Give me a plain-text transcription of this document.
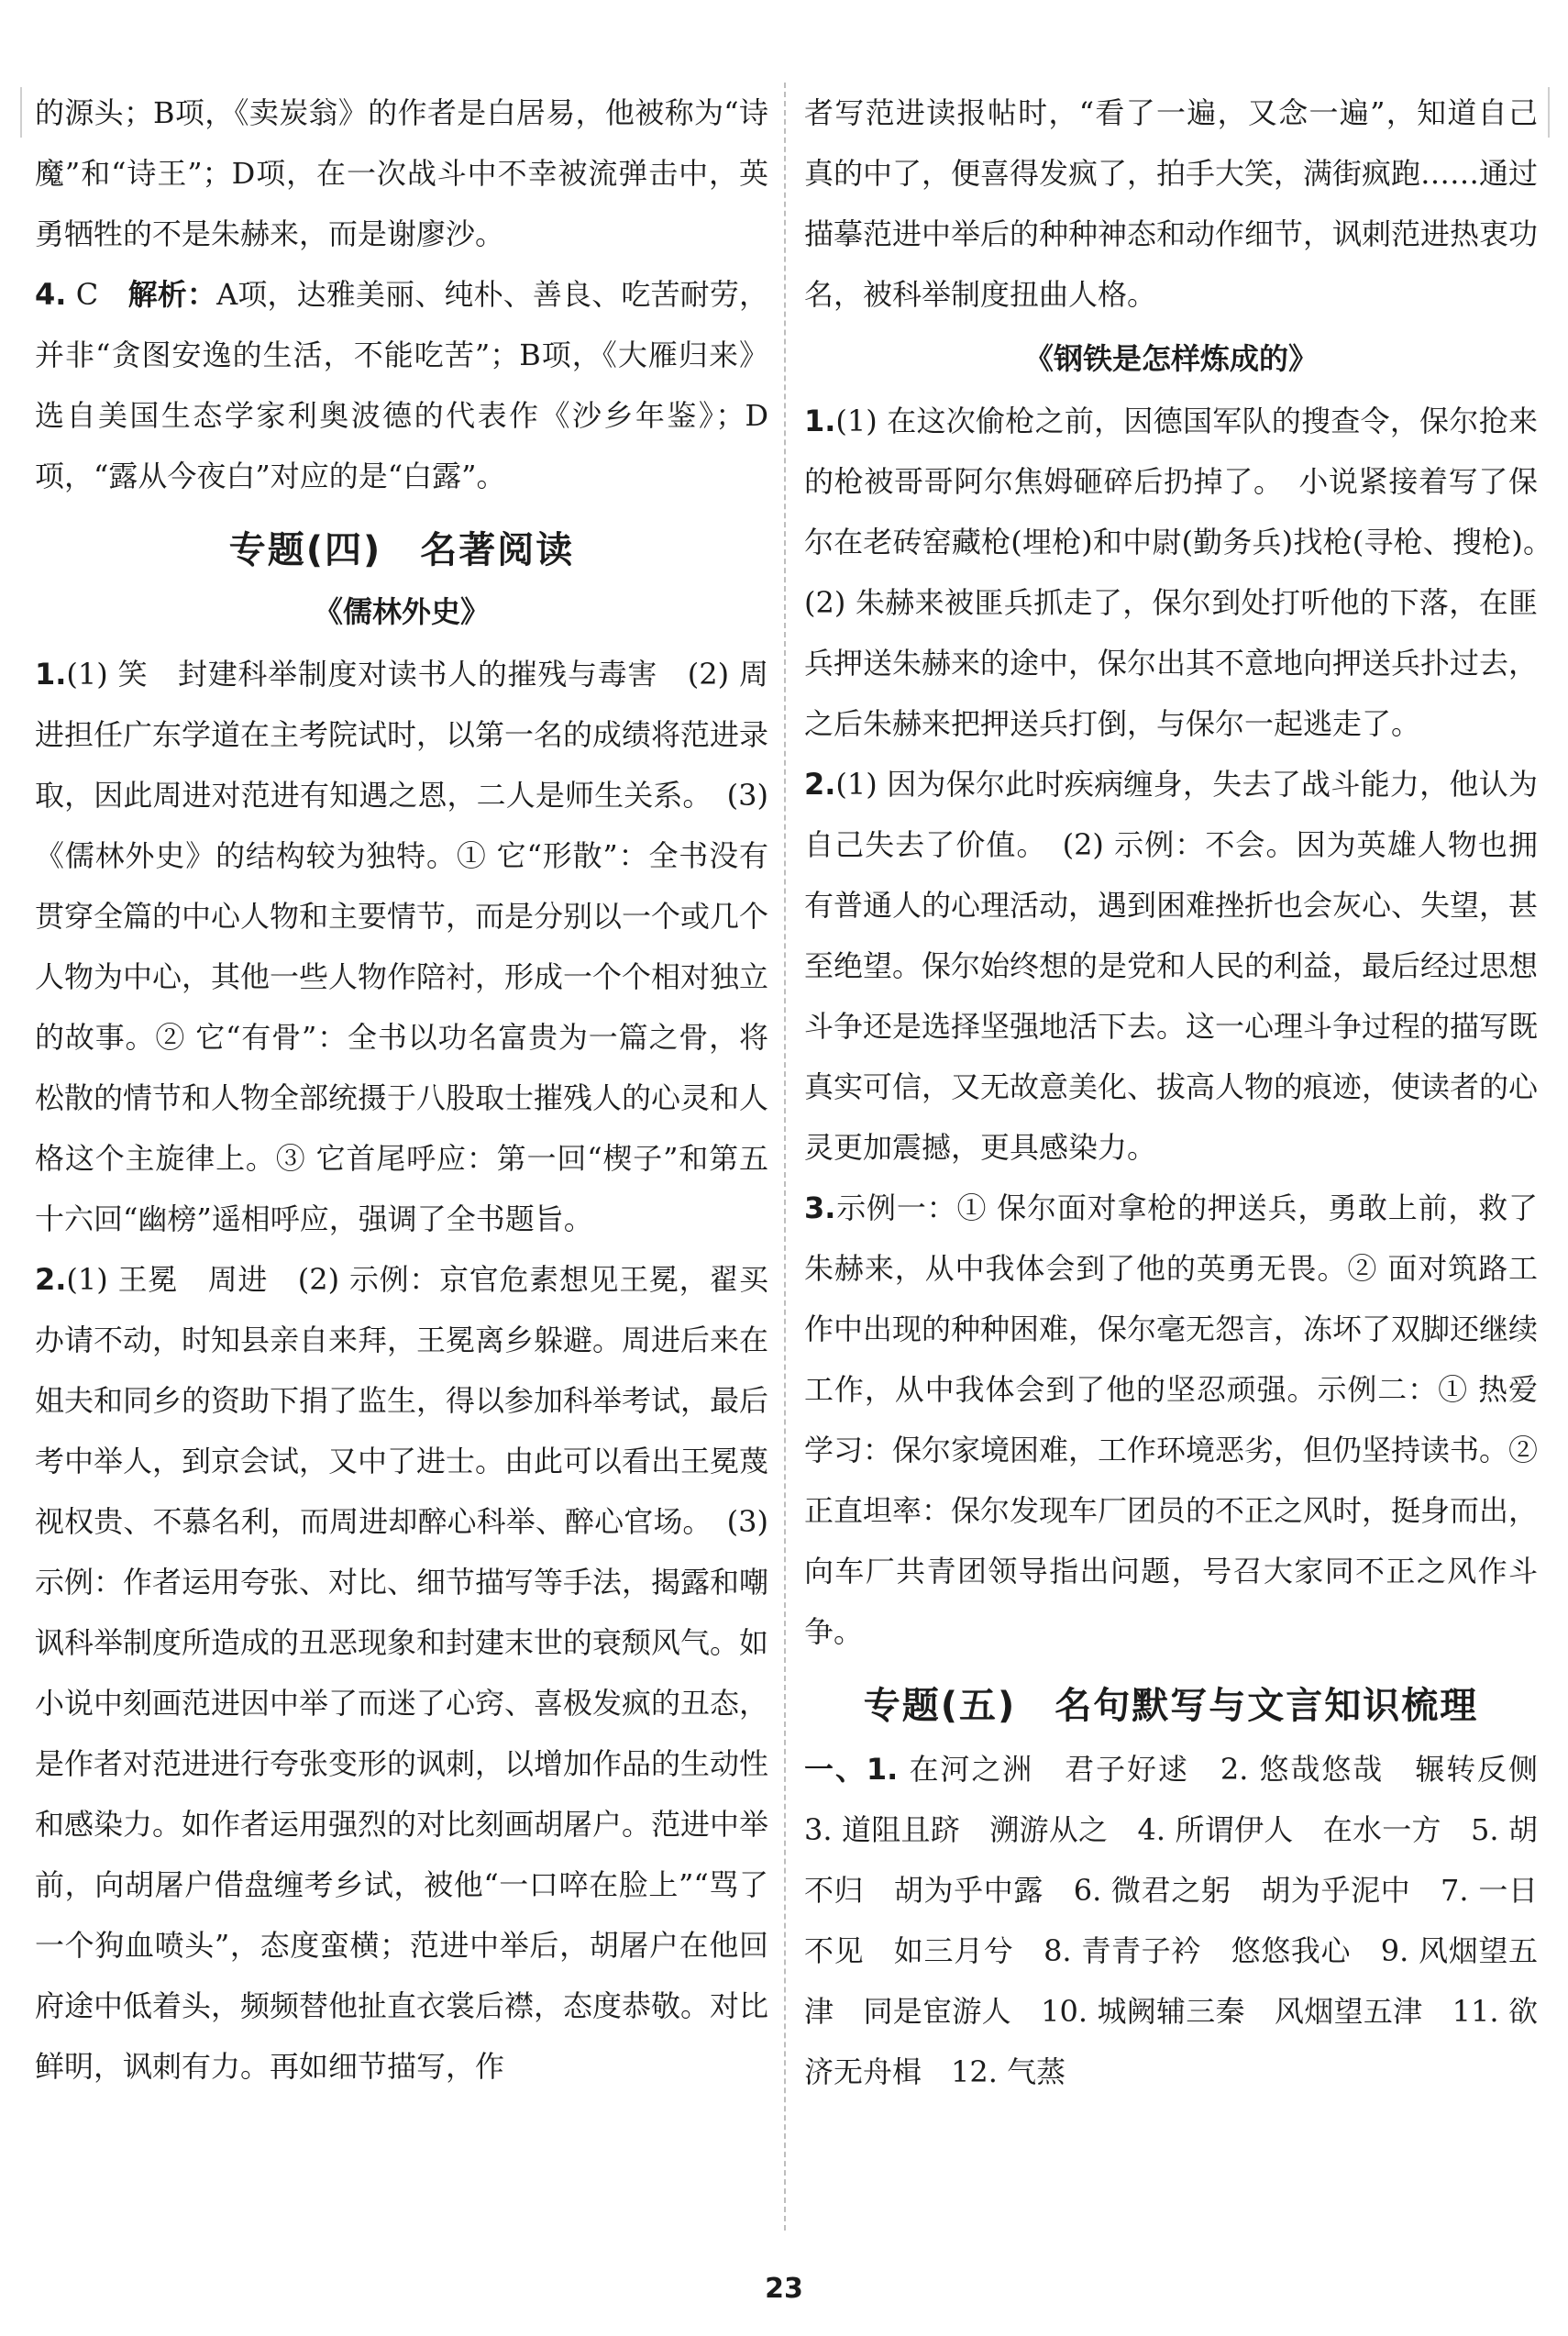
的源头；B项，《卖炭翁》的作者是白居易，他被称为“诗魔”和“诗王”；D项，在一次战斗中不幸被流弹击中，英勇牺牲的不是朱赫来，而是谢廖沙。

4. C　 解析：A项，达雅美丽、纯朴、善良、吃苦耐劳，并非“贪图安逸的生活，不能吃苦”；B项，《大雁归来》选自美国生态学家利奥波德的代表作《沙乡年鉴》；D项，“露从今夜白”对应的是“白露”。

专题(四)　名著阅读
《儒林外史》

1.(1) 笑　封建科举制度对读书人的摧残与毒害　(2) 周进担任广东学道在主考院试时，以第一名的成绩将范进录取，因此周进对范进有知遇之恩，二人是师生关系。　(3)《儒林外史》的结构较为独特。① 它“形散”：全书没有贯穿全篇的中心人物和主要情节，而是分别以一个或几个人物为中心，其他一些人物作陪衬，形成一个个相对独立的故事。② 它“有骨”：全书以功名富贵为一篇之骨，将松散的情节和人物全部统摄于八股取士摧残人的心灵和人格这个主旋律上。③ 它首尾呼应：第一回“楔子”和第五十六回“幽榜”遥相呼应，强调了全书题旨。

2.(1) 王冕　周进　(2) 示例：京官危素想见王冕，翟买办请不动，时知县亲自来拜，王冕离乡躲避。周进后来在姐夫和同乡的资助下捐了监生，得以参加科举考试，最后考中举人，到京会试，又中了进士。由此可以看出王冕蔑视权贵、不慕名利，而周进却醉心科举、醉心官场。　(3) 示例：作者运用夸张、对比、细节描写等手法，揭露和嘲讽科举制度所造成的丑恶现象和封建末世的衰颓风气。如小说中刻画范进因中举了而迷了心窍、喜极发疯的丑态，是作者对范进进行夸张变形的讽刺，以增加作品的生动性和感染力。如作者运用强烈的对比刻画胡屠户。范进中举前，向胡屠户借盘缠考乡试，被他“一口啐在脸上”“骂了一个狗血喷头”，态度蛮横；范进中举后，胡屠户在他回府途中低着头，频频替他扯直衣裳后襟，态度恭敬。对比鲜明，讽刺有力。再如细节描写，作

者写范进读报帖时，“看了一遍，又念一遍”，知道自己真的中了，便喜得发疯了，拍手大笑，满街疯跑……通过描摹范进中举后的种种神态和动作细节，讽刺范进热衷功名，被科举制度扭曲人格。

《钢铁是怎样炼成的》

1.(1) 在这次偷枪之前，因德国军队的搜查令，保尔抢来的枪被哥哥阿尔焦姆砸碎后扔掉了。　小说紧接着写了保尔在老砖窑藏枪(埋枪)和中尉(勤务兵)找枪(寻枪、搜枪)。　(2) 朱赫来被匪兵抓走了，保尔到处打听他的下落，在匪兵押送朱赫来的途中，保尔出其不意地向押送兵扑过去，之后朱赫来把押送兵打倒，与保尔一起逃走了。

2.(1) 因为保尔此时疾病缠身，失去了战斗能力，他认为自己失去了价值。　(2) 示例：不会。因为英雄人物也拥有普通人的心理活动，遇到困难挫折也会灰心、失望，甚至绝望。保尔始终想的是党和人民的利益，最后经过思想斗争还是选择坚强地活下去。这一心理斗争过程的描写既真实可信，又无故意美化、拔高人物的痕迹，使读者的心灵更加震撼，更具感染力。

3.示例一：① 保尔面对拿枪的押送兵，勇敢上前，救了朱赫来，从中我体会到了他的英勇无畏。② 面对筑路工作中出现的种种困难，保尔毫无怨言，冻坏了双脚还继续工作，从中我体会到了他的坚忍顽强。示例二：① 热爱学习：保尔家境困难，工作环境恶劣，但仍坚持读书。② 正直坦率：保尔发现车厂团员的不正之风时，挺身而出，向车厂共青团领导指出问题，号召大家同不正之风作斗争。

专题(五)　名句默写与文言知识梳理

一、1. 在河之洲　君子好逑　2. 悠哉悠哉　辗转反侧　3. 道阻且跻　溯游从之　4. 所谓伊人　在水一方　5. 胡不归　胡为乎中露　6. 微君之躬　胡为乎泥中　7. 一日不见　如三月兮　8. 青青子衿　悠悠我心　9. 风烟望五津　同是宦游人　10. 城阙辅三秦　风烟望五津　11. 欲济无舟楫　12. 气蒸

23
